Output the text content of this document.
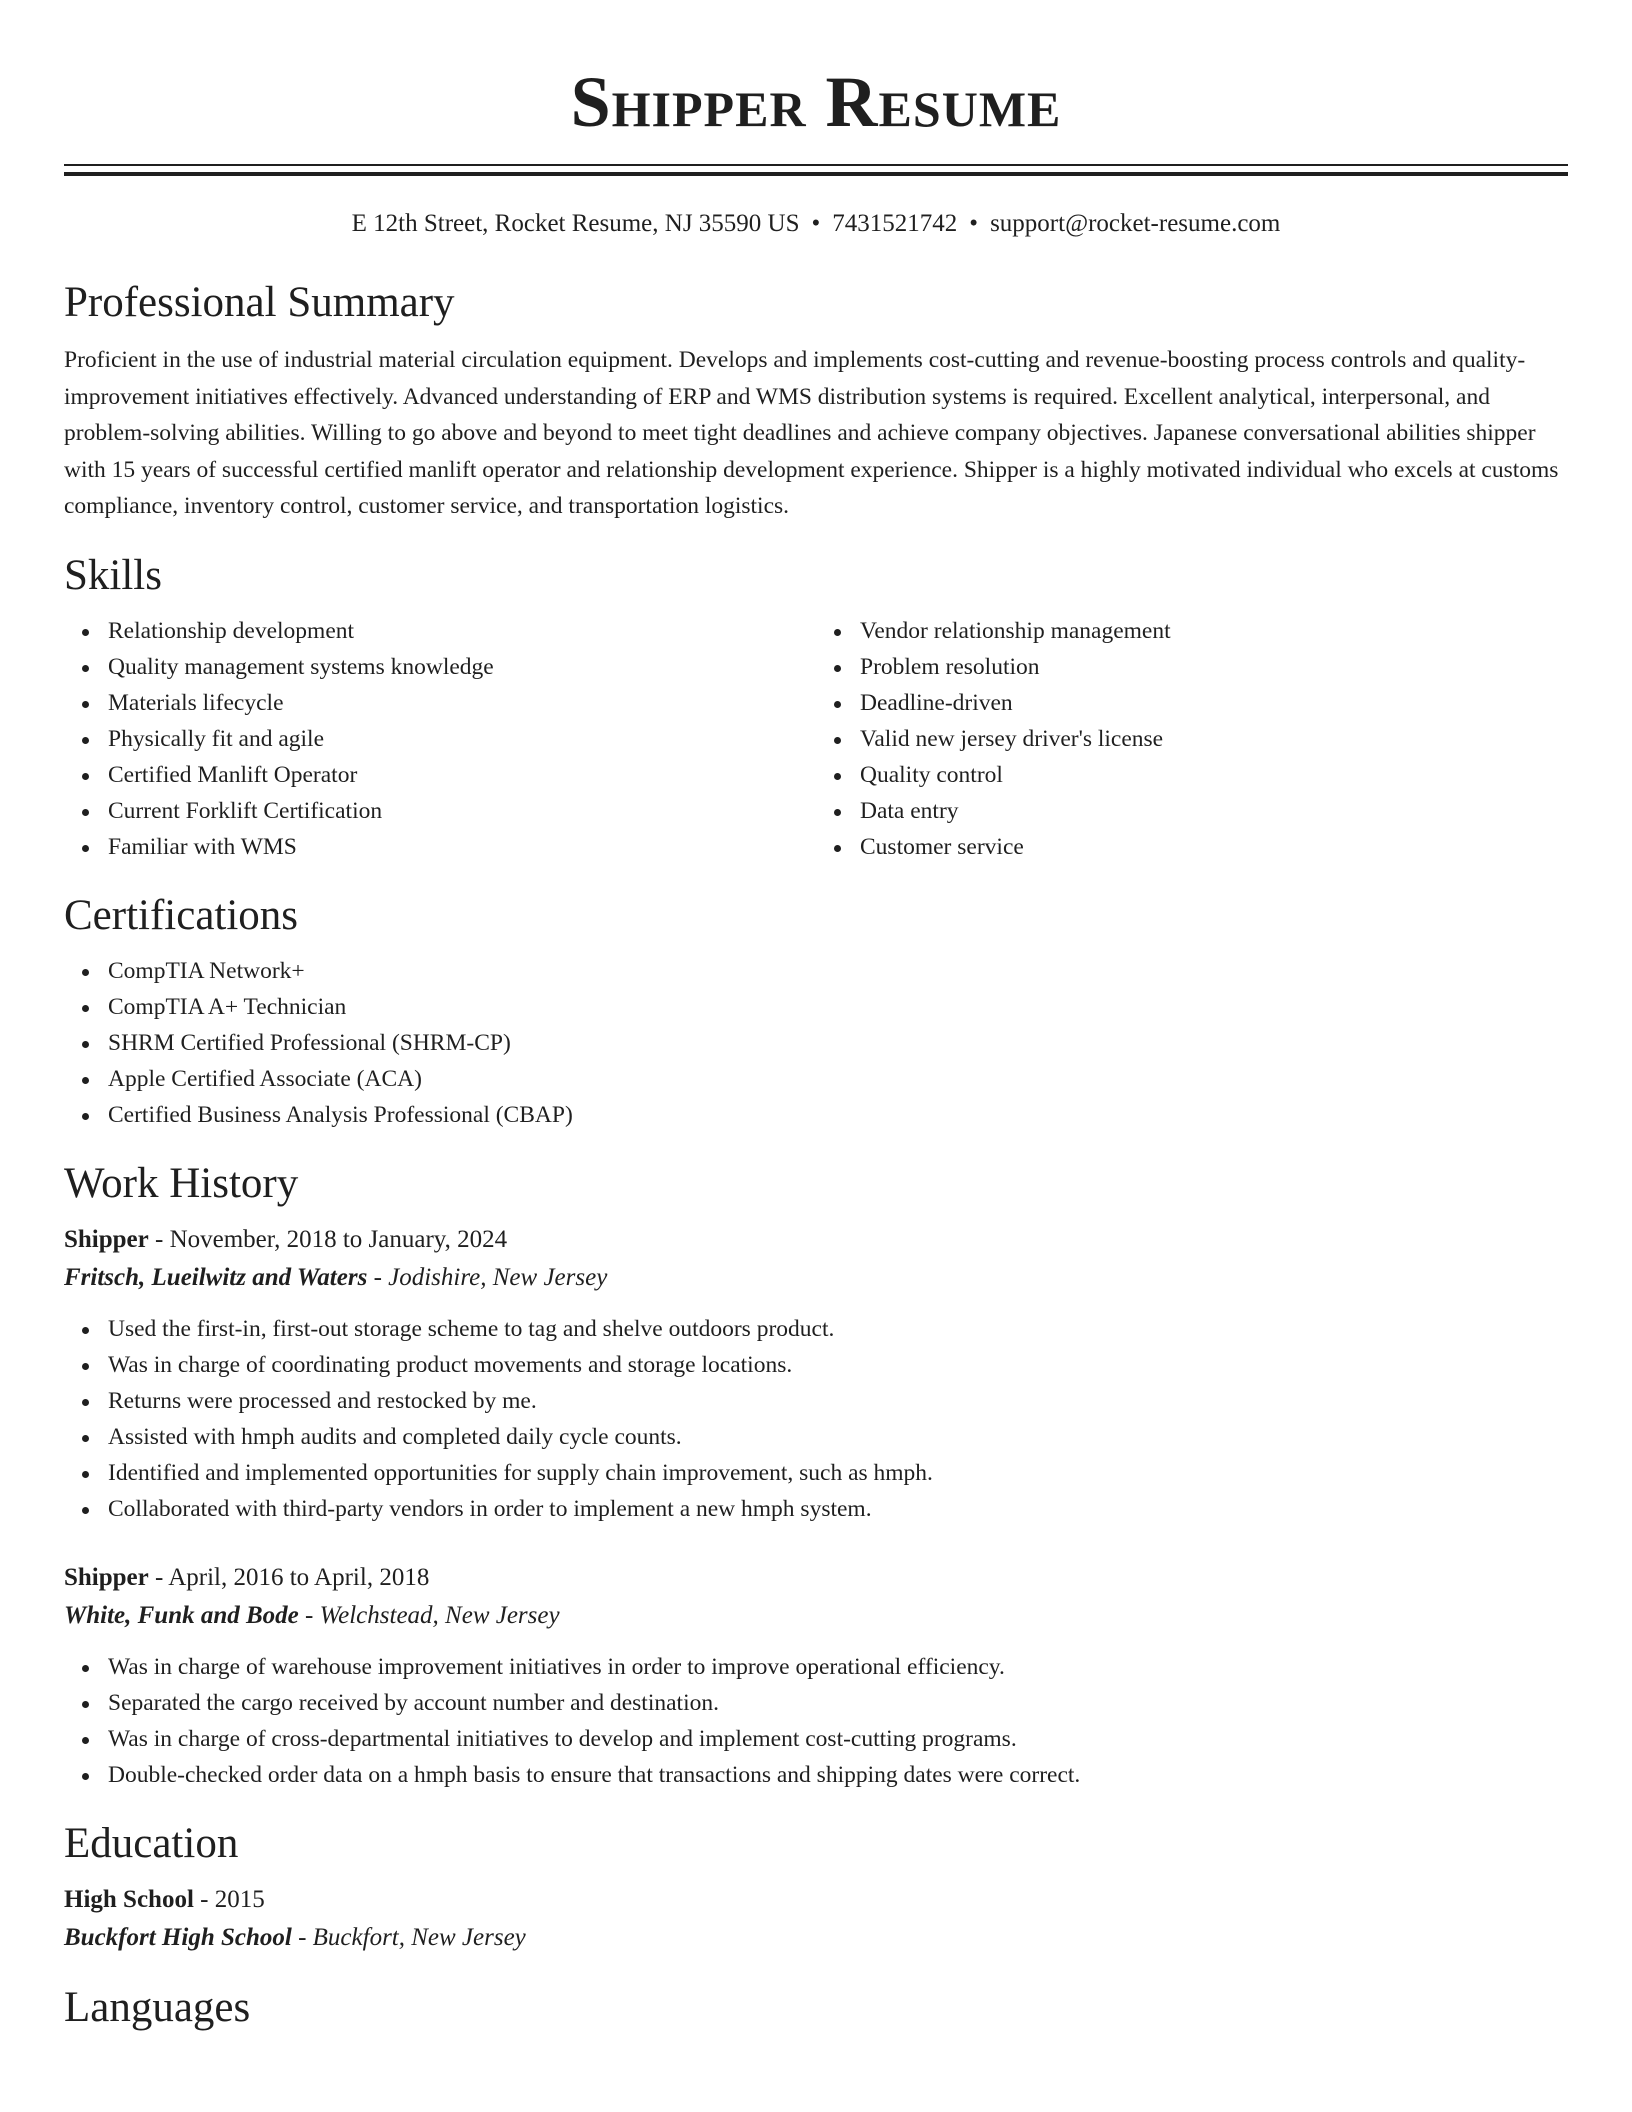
Shipper Resume
E 12th Street, Rocket Resume, NJ 35590 US • 7431521742 • support@rocket-resume.com
Professional Summary

Proficient in the use of industrial material circulation equipment. Develops and implements cost-cutting and revenue-boosting process controls and quality-improvement initiatives effectively. Advanced understanding of ERP and WMS distribution systems is required. Excellent analytical, interpersonal, and problem-solving abilities. Willing to go above and beyond to meet tight deadlines and achieve company objectives. Japanese conversational abilities shipper with 15 years of successful certified manlift operator and relationship development experience. Shipper is a highly motivated individual who excels at customs compliance, inventory control, customer service, and transportation logistics.

Skills
Relationship development
Quality management systems knowledge
Materials lifecycle
Physically fit and agile
Certified Manlift Operator
Current Forklift Certification
Familiar with WMS
Vendor relationship management
Problem resolution
Deadline-driven
Valid new jersey driver's license
Quality control
Data entry
Customer service
Certifications
CompTIA Network+
CompTIA A+ Technician
SHRM Certified Professional (SHRM-CP)
Apple Certified Associate (ACA)
Certified Business Analysis Professional (CBAP)
Work History
Shipper - November, 2018 to January, 2024
Fritsch, Lueilwitz and Waters - Jodishire, New Jersey
Used the first-in, first-out storage scheme to tag and shelve outdoors product.
Was in charge of coordinating product movements and storage locations.
Returns were processed and restocked by me.
Assisted with hmph audits and completed daily cycle counts.
Identified and implemented opportunities for supply chain improvement, such as hmph.
Collaborated with third-party vendors in order to implement a new hmph system.
Shipper - April, 2016 to April, 2018
White, Funk and Bode - Welchstead, New Jersey
Was in charge of warehouse improvement initiatives in order to improve operational efficiency.
Separated the cargo received by account number and destination.
Was in charge of cross-departmental initiatives to develop and implement cost-cutting programs.
Double-checked order data on a hmph basis to ensure that transactions and shipping dates were correct.
Education
High School - 2015
Buckfort High School - Buckfort, New Jersey
Languages
